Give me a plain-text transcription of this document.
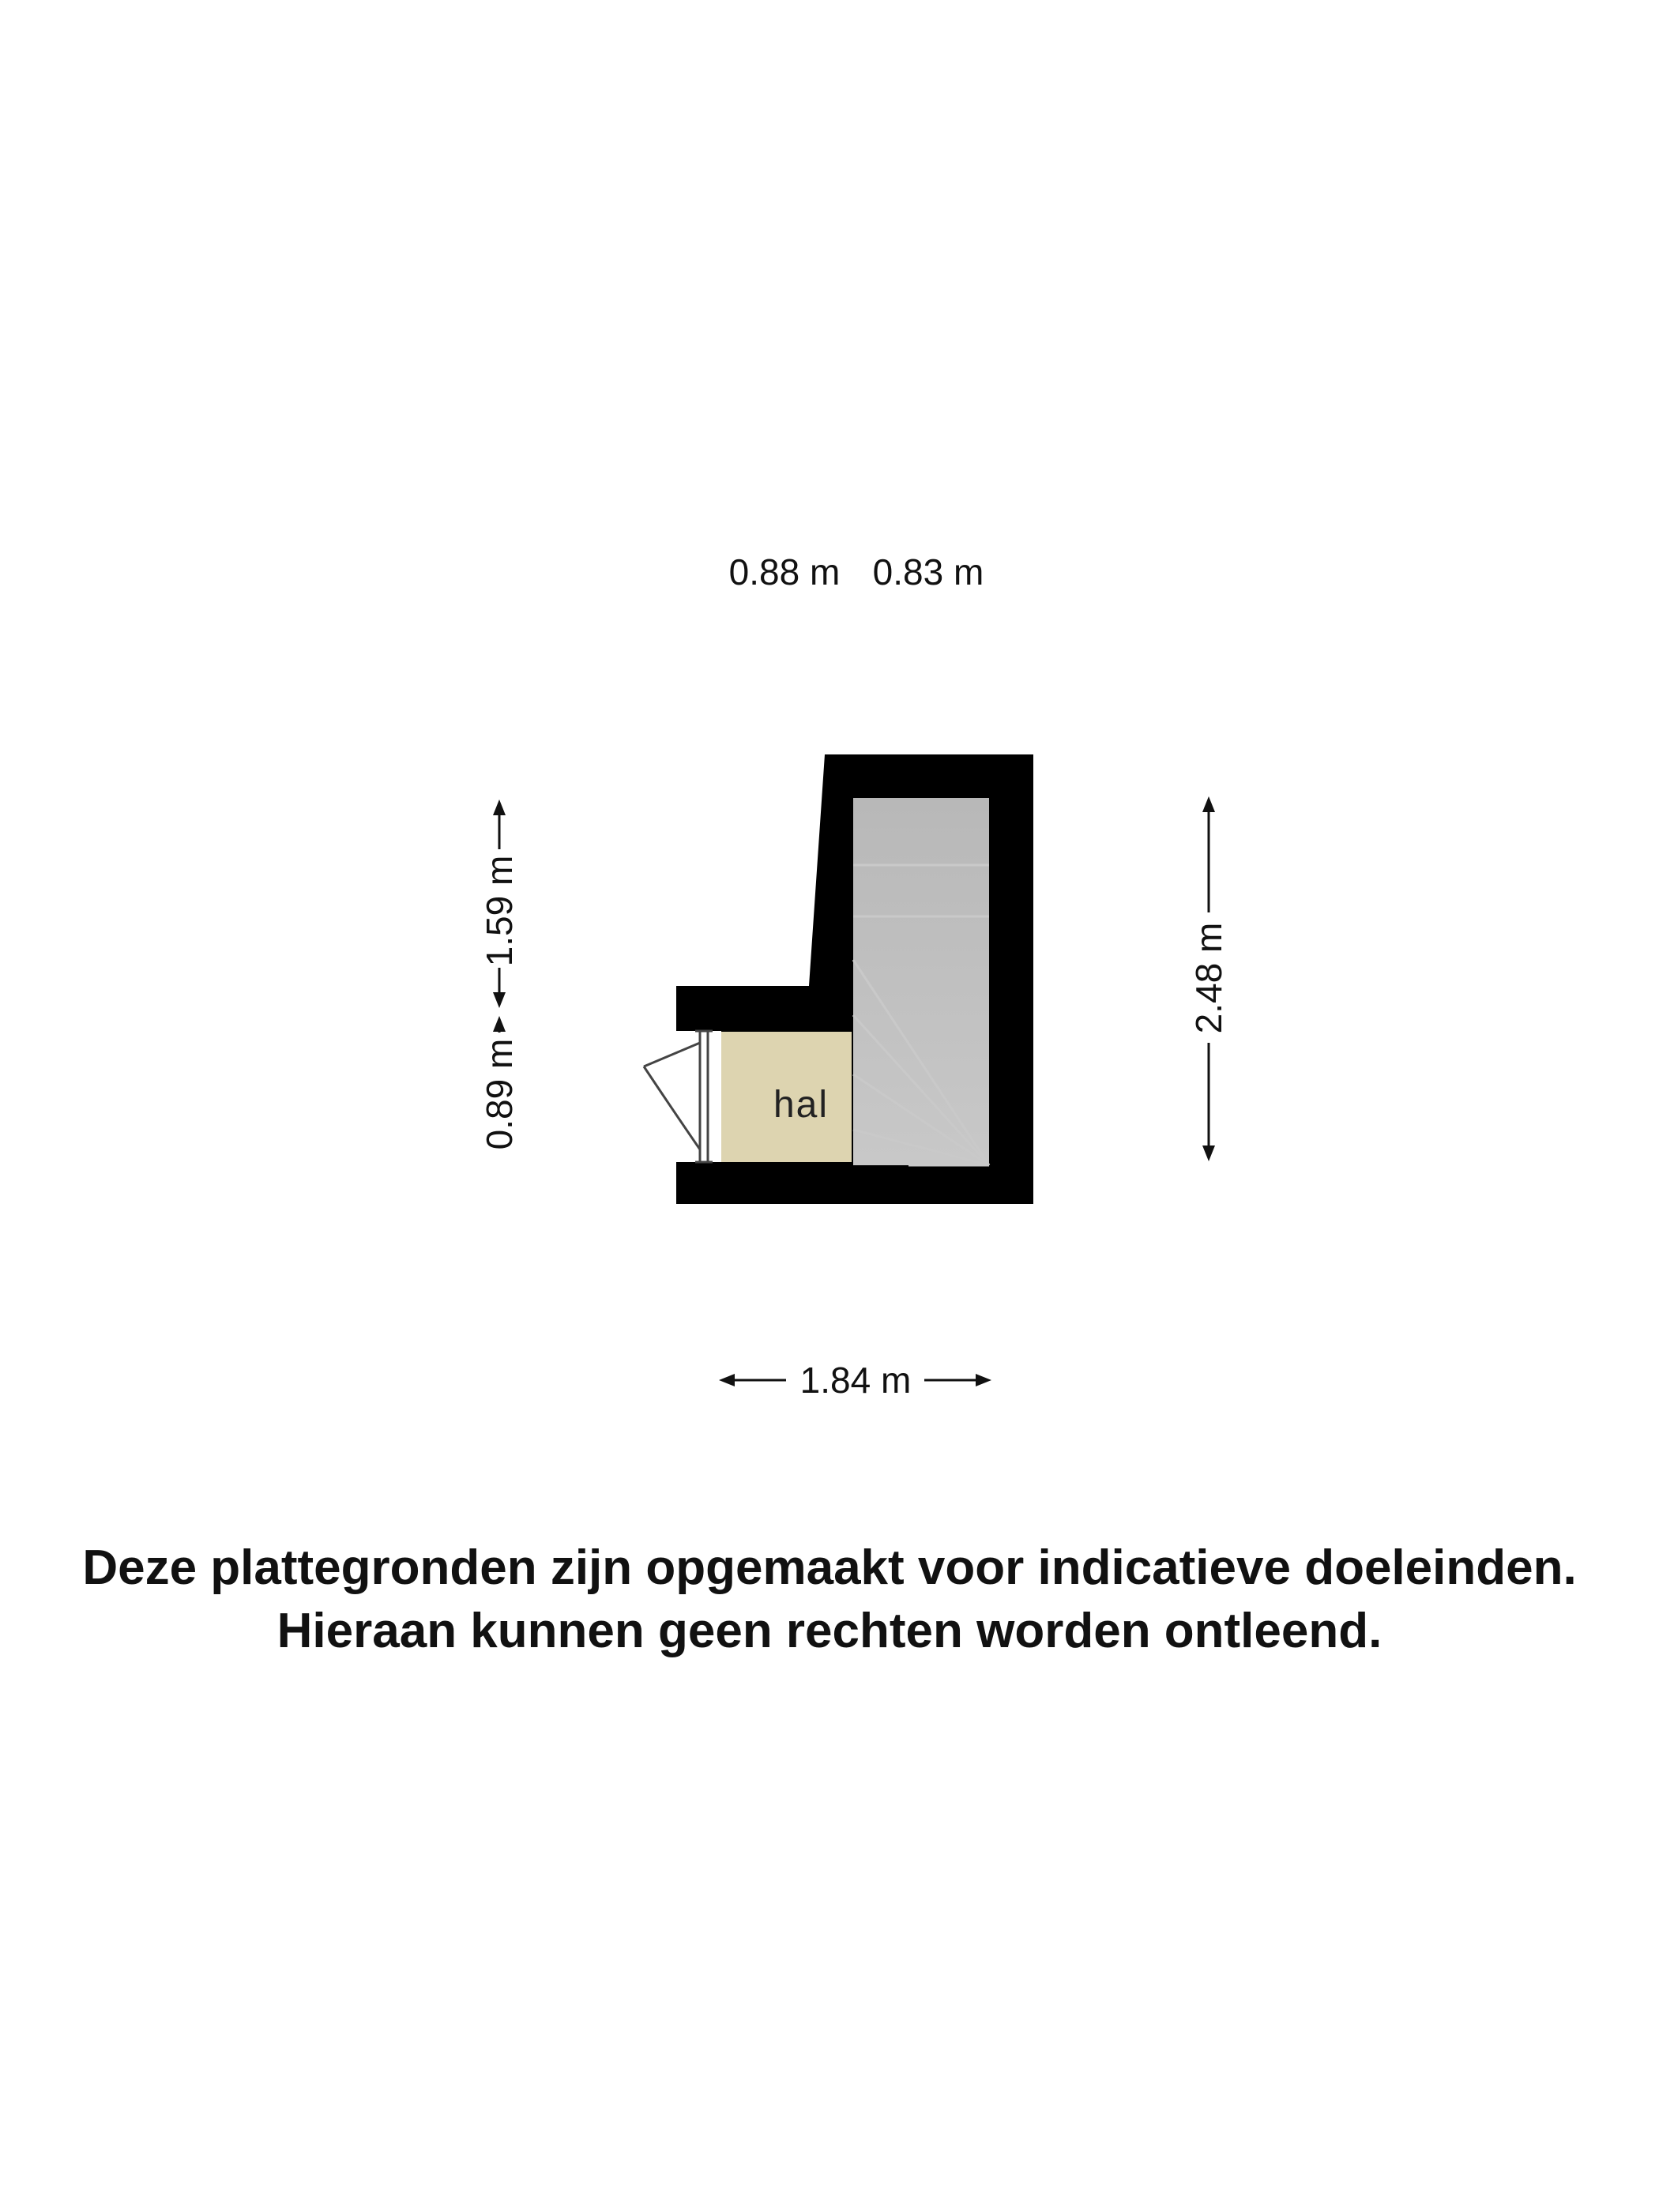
hal
0.88 m 0.83 m
1.59 m
0.89 m
2.48 m
1.84 m
Deze plattegronden zijn opgemaakt voor indicatieve doeleinden.
Hieraan kunnen geen rechten worden ontleend.
